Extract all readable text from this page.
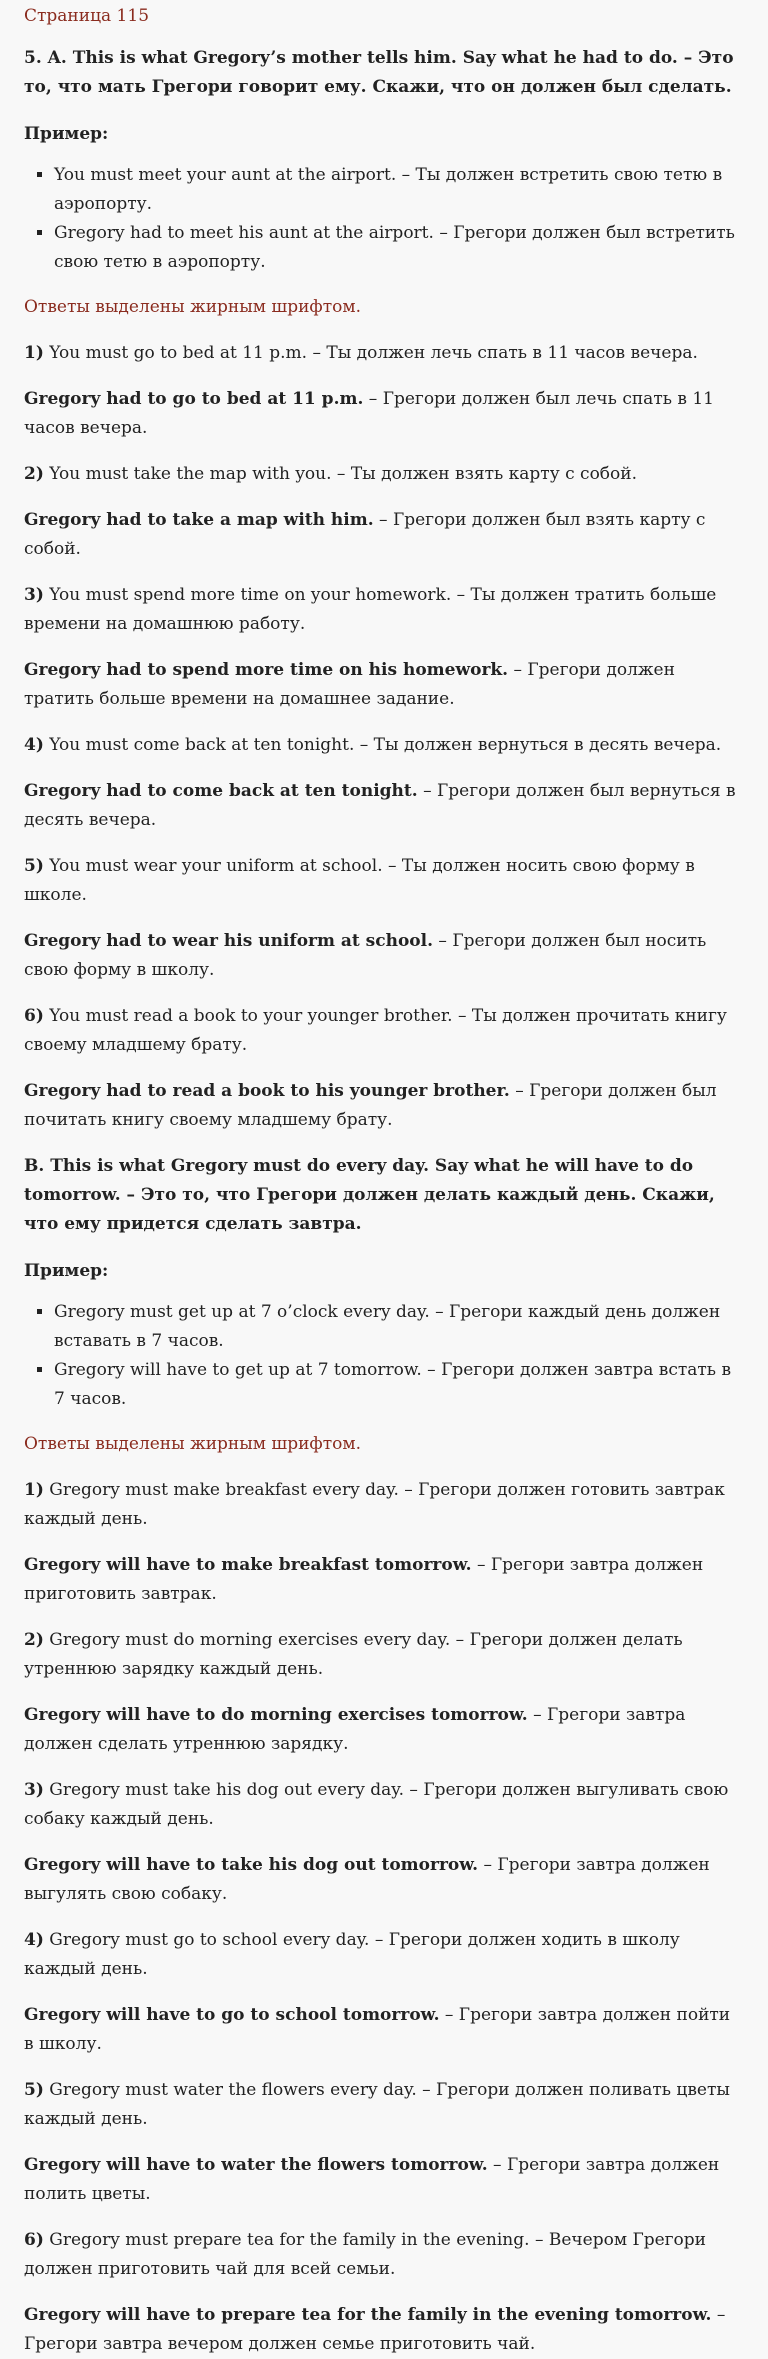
Страница 115

5. A. This is what Gregory’s mother tells him. Say what he had to do. – Это то, что мать Грегори говорит ему. Скажи, что он должен был сделать.

Пример:

▪ You must meet your aunt at the airport. – Ты должен встретить свою тетю в аэропорту.
▪ Gregory had to meet his aunt at the airport. – Грегори должен был встретить свою тетю в аэропорту.

Ответы выделены жирным шрифтом.

1) You must go to bed at 11 p.m. – Ты должен лечь спать в 11 часов вечера.

Gregory had to go to bed at 11 p.m. – Грегори должен был лечь спать в 11 часов вечера.

2) You must take the map with you. – Ты должен взять карту с собой.

Gregory had to take a map with him. – Грегори должен был взять карту с собой.

3) You must spend more time on your homework. – Ты должен тратить больше времени на домашнюю работу.

Gregory had to spend more time on his homework. – Грегори должен тратить больше времени на домашнее задание.

4) You must come back at ten tonight. – Ты должен вернуться в десять вечера.

Gregory had to come back at ten tonight. – Грегори должен был вернуться в десять вечера.

5) You must wear your uniform at school. – Ты должен носить свою форму в школе.

Gregory had to wear his uniform at school. – Грегори должен был носить свою форму в школу.

6) You must read a book to your younger brother. – Ты должен прочитать книгу своему младшему брату.

Gregory had to read a book to his younger brother. – Грегори должен был почитать книгу своему младшему брату.

B. This is what Gregory must do every day. Say what he will have to do tomorrow. – Это то, что Грегори должен делать каждый день. Скажи, что ему придется сделать завтра.

Пример:

▪ Gregory must get up at 7 o’clock every day. – Грегори каждый день должен вставать в 7 часов.
▪ Gregory will have to get up at 7 tomorrow. – Грегори должен завтра встать в 7 часов.

Ответы выделены жирным шрифтом.

1) Gregory must make breakfast every day. – Грегори должен готовить завтрак каждый день.

Gregory will have to make breakfast tomorrow. – Грегори завтра должен приготовить завтрак.

2) Gregory must do morning exercises every day. – Грегори должен делать утреннюю зарядку каждый день.

Gregory will have to do morning exercises tomorrow. – Грегори завтра должен сделать утреннюю зарядку.

3) Gregory must take his dog out every day. – Грегори должен выгуливать свою собаку каждый день.

Gregory will have to take his dog out tomorrow. – Грегори завтра должен выгулять свою собаку.

4) Gregory must go to school every day. – Грегори должен ходить в школу каждый день.

Gregory will have to go to school tomorrow. – Грегори завтра должен пойти в школу.

5) Gregory must water the flowers every day. – Грегори должен поливать цветы каждый день.

Gregory will have to water the flowers tomorrow. – Грегори завтра должен полить цветы.

6) Gregory must prepare tea for the family in the evening. – Вечером Грегори должен приготовить чай для всей семьи.

Gregory will have to prepare tea for the family in the evening tomorrow. – Грегори завтра вечером должен семье приготовить чай.
